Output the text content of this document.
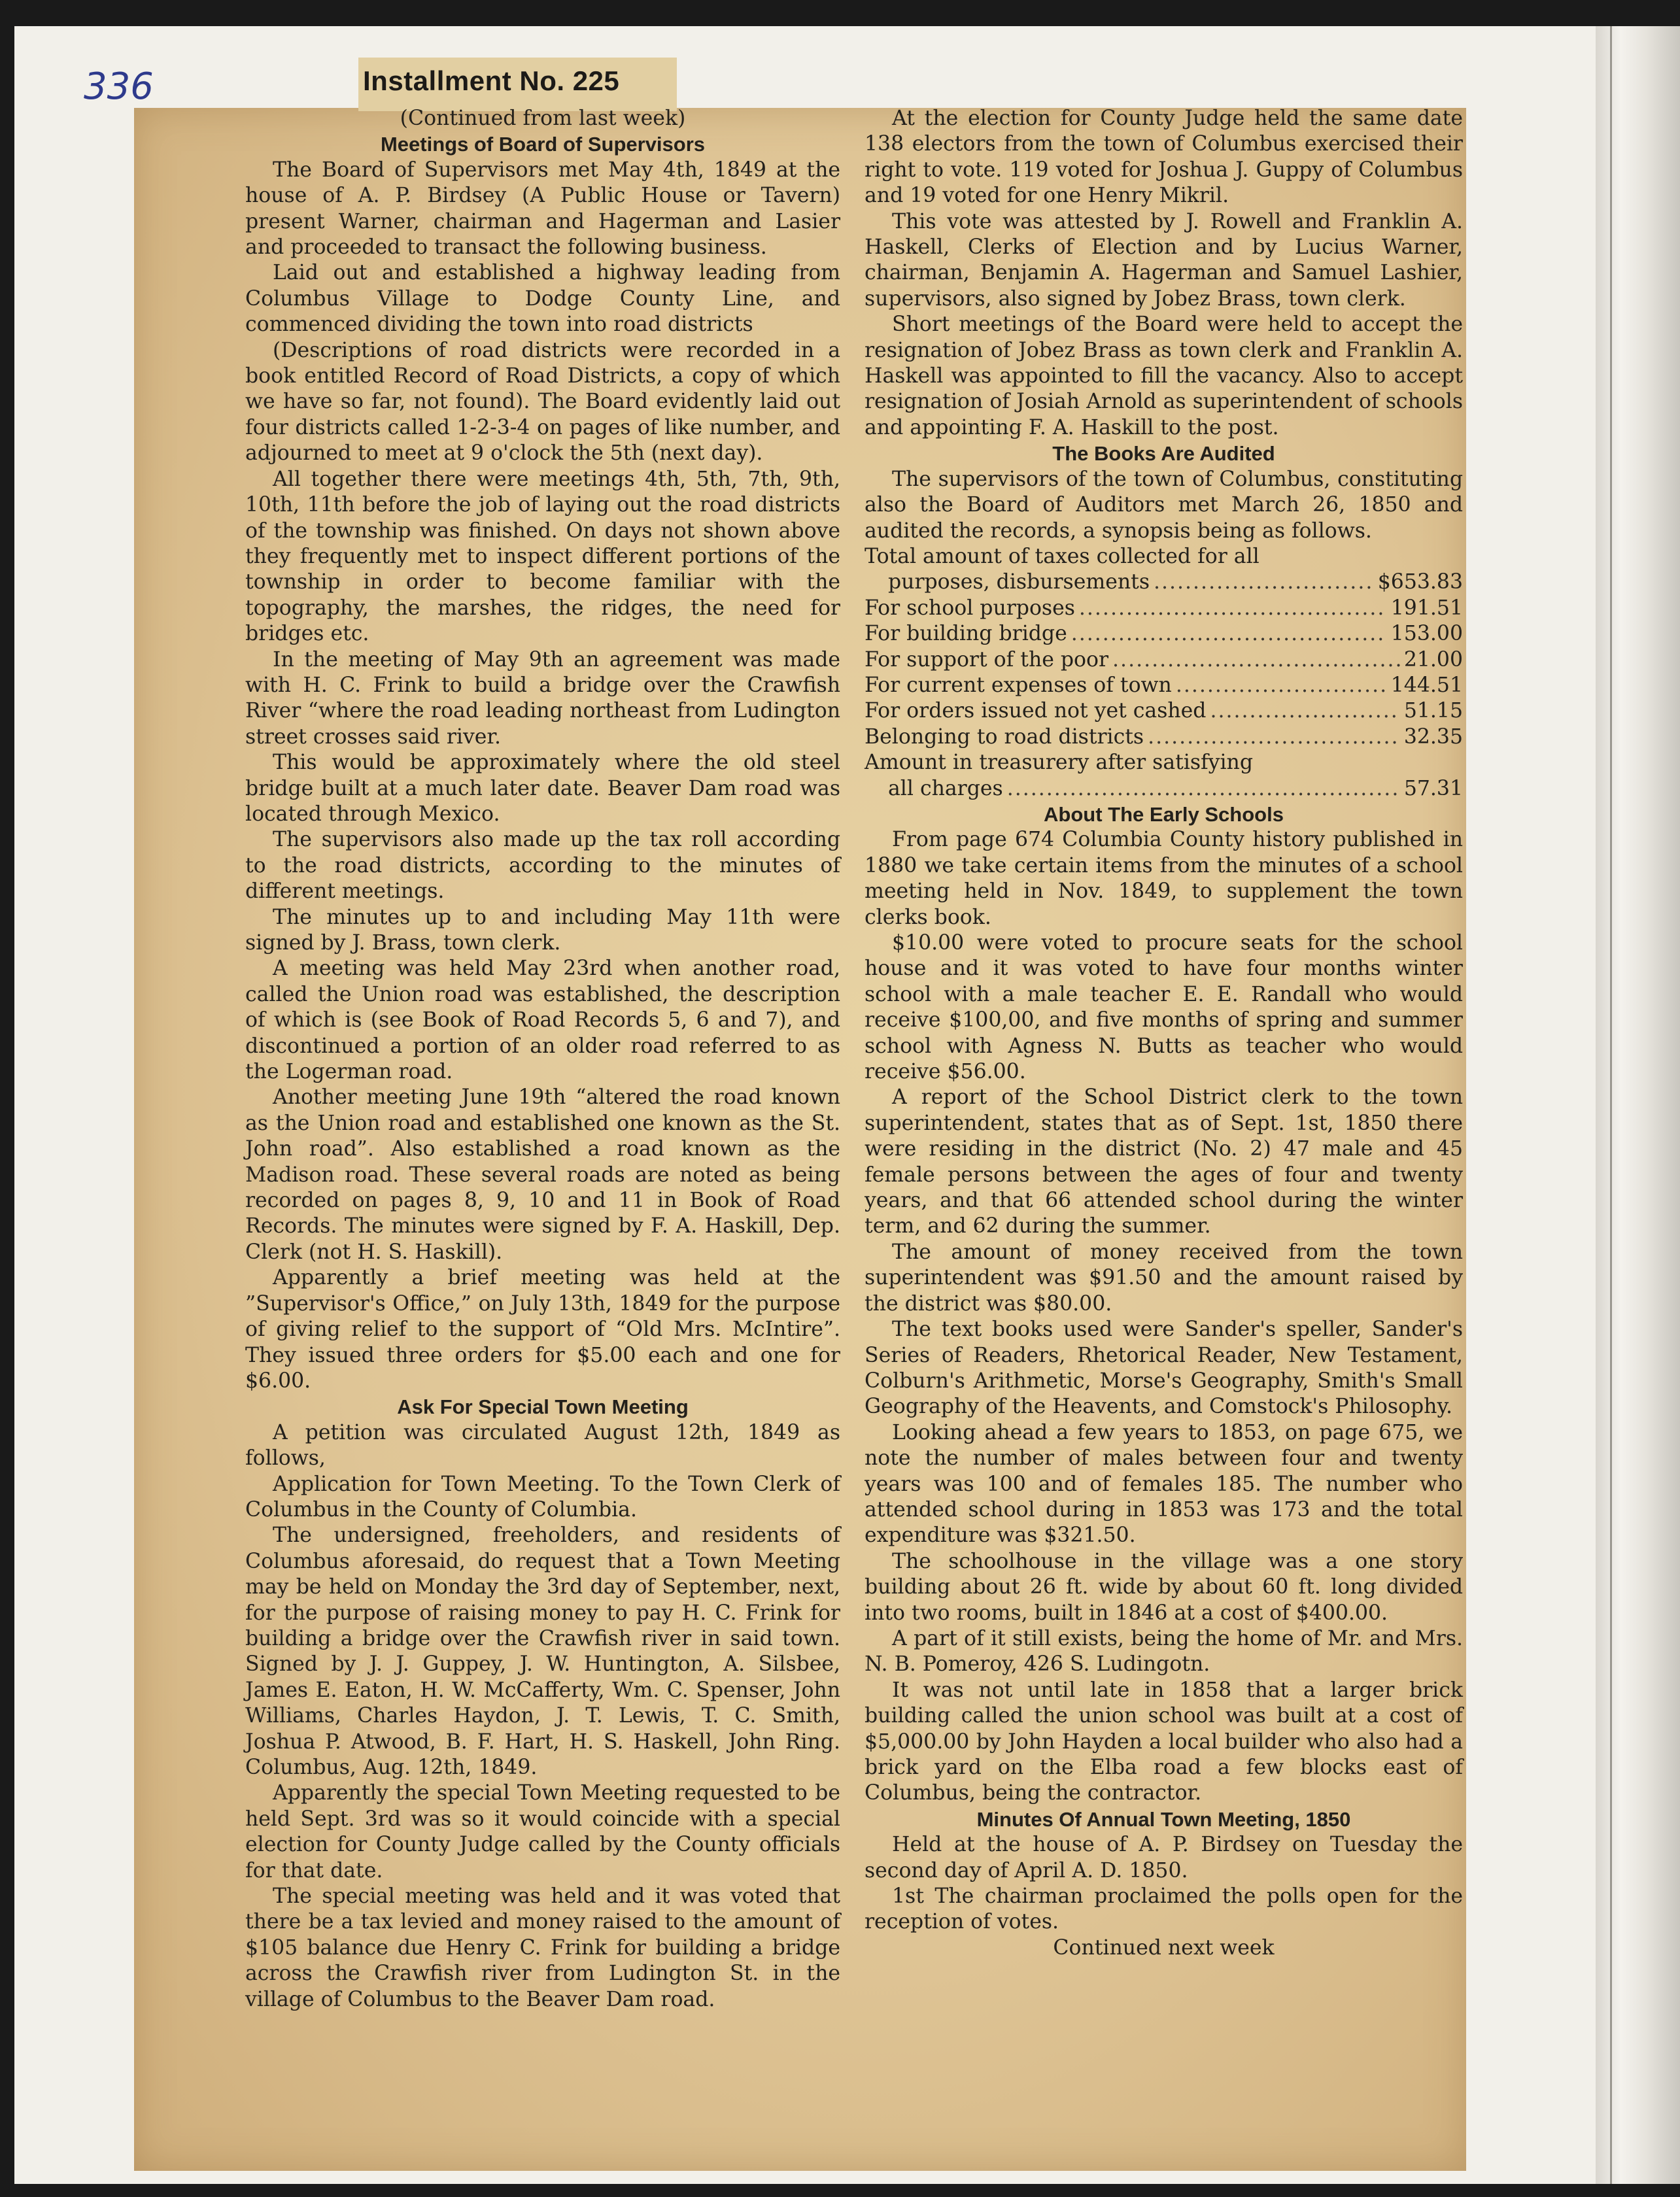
336	Installment No. 225

(Continued from last week)

Meetings of Board of Supervisors

The Board of Supervisors met May 4th, 1849 at the house of A. P. Birdsey (A Public House or Tavern) present Warner, chairman and Hagerman and Lasier and proceeded to transact the following business.

Laid out and established a highway leading from Columbus Village to Dodge County Line, and commenced dividing the town into road districts

(Descriptions of road districts were recorded in a book entitled Record of Road Districts, a copy of which we have so far, not found). The Board evidently laid out four districts called 1-2-3-4 on pages of like number, and adjourned to meet at 9 o'clock the 5th (next day).

All together there were meetings 4th, 5th, 7th, 9th, 10th, 11th before the job of laying out the road districts of the township was finished. On days not shown above they frequently met to inspect different portions of the township in order to become familiar with the topography, the marshes, the ridges, the need for bridges etc.

In the meeting of May 9th an agreement was made with H. C. Frink to build a bridge over the Crawfish River “where the road leading northeast from Ludington street crosses said river.

This would be approximately where the old steel bridge built at a much later date. Beaver Dam road was located through Mexico.

The supervisors also made up the tax roll according to the road districts, according to the minutes of different meetings.

The minutes up to and including May 11th were signed by J. Brass, town clerk.

A meeting was held May 23rd when another road, called the Union road was established, the description of which is (see Book of Road Records 5, 6 and 7), and discontinued a portion of an older road referred to as the Logerman road.

Another meeting June 19th “altered the road known as the Union road and established one known as the St. John road”. Also established a road known as the Madison road. These several roads are noted as being recorded on pages 8, 9, 10 and 11 in Book of Road Records. The minutes were signed by F. A. Haskill, Dep. Clerk (not H. S. Haskill).

Apparently a brief meeting was held at the ”Supervisor's Office,” on July 13th, 1849 for the purpose of giving relief to the support of “Old Mrs. McIntire”. They issued three orders for $5.00 each and one for $6.00.

Ask For Special Town Meeting

A petition was circulated August 12th, 1849 as follows,

Application for Town Meeting. To the Town Clerk of Columbus in the County of Columbia.

The undersigned, freeholders, and residents of Columbus aforesaid, do request that a Town Meeting may be held on Monday the 3rd day of September, next, for the purpose of raising money to pay H. C. Frink for building a bridge over the Crawfish river in said town. Signed by J. J. Guppey, J. W. Huntington, A. Silsbee, James E. Eaton, H. W. McCafferty, Wm. C. Spenser, John Williams, Charles Haydon, J. T. Lewis, T. C. Smith, Joshua P. Atwood, B. F. Hart, H. S. Haskell, John Ring. Columbus, Aug. 12th, 1849.

Apparently the special Town Meeting requested to be held Sept. 3rd was so it would coincide with a special election for County Judge called by the County officials for that date.

The special meeting was held and it was voted that there be a tax levied and money raised to the amount of $105 balance due Henry C. Frink for building a bridge across the Crawfish river from Ludington St. in the village of Columbus to the Beaver Dam road.

At the election for County Judge held the same date 138 electors from the town of Columbus exercised their right to vote. 119 voted for Joshua J. Guppy of Columbus and 19 voted for one Henry Mikril.

This vote was attested by J. Rowell and Franklin A. Haskell, Clerks of Election and by Lucius Warner, chairman, Benjamin A. Hagerman and Samuel Lashier, supervisors, also signed by Jobez Brass, town clerk.

Short meetings of the Board were held to accept the resignation of Jobez Brass as town clerk and Franklin A. Haskell was appointed to fill the vacancy. Also to accept resignation of Josiah Arnold as superintendent of schools and appointing F. A. Haskill to the post.

The Books Are Audited

The supervisors of the town of Columbus, constituting also the Board of Auditors met March 26, 1850 and audited the records, a synopsis being as follows.

Total amount of taxes collected for all
purposes, disbursements .....	$653.83
For school purposes .....	191.51
For building bridge .....	153.00
For support of the poor .....	21.00
For current expenses of town .....	144.51
For orders issued not yet cashed .....	51.15
Belonging to road districts .....	32.35
Amount in treasurery after satisfying
all charges .....	57.31

About The Early Schools

From page 674 Columbia County history published in 1880 we take certain items from the minutes of a school meeting held in Nov. 1849, to supplement the town clerks book.

$10.00 were voted to procure seats for the school house and it was voted to have four months winter school with a male teacher E. E. Randall who would receive $100,00, and five months of spring and summer school with Agness N. Butts as teacher who would receive $56.00.

A report of the School District clerk to the town superintendent, states that as of Sept. 1st, 1850 there were residing in the district (No. 2) 47 male and 45 female persons between the ages of four and twenty years, and that 66 attended school during the winter term, and 62 during the summer.

The amount of money received from the town superintendent was $91.50 and the amount raised by the district was $80.00.

The text books used were Sander's speller, Sander's Series of Readers, Rhetorical Reader, New Testament, Colburn's Arithmetic, Morse's Geography, Smith's Small Geography of the Heavents, and Comstock's Philosophy.

Looking ahead a few years to 1853, on page 675, we note the number of males between four and twenty years was 100 and of females 185. The number who attended school during in 1853 was 173 and the total expenditure was $321.50.

The schoolhouse in the village was a one story building about 26 ft. wide by about 60 ft. long divided into two rooms, built in 1846 at a cost of $400.00.

A part of it still exists, being the home of Mr. and Mrs. N. B. Pomeroy, 426 S. Ludingotn.

It was not until late in 1858 that a larger brick building called the union school was built at a cost of $5,000.00 by John Hayden a local builder who also had a brick yard on the Elba road a few blocks east of Columbus, being the contractor.

Minutes Of Annual Town Meeting, 1850

Held at the house of A. P. Birdsey on Tuesday the second day of April A. D. 1850.

1st The chairman proclaimed the polls open for the reception of votes.

Continued next week
